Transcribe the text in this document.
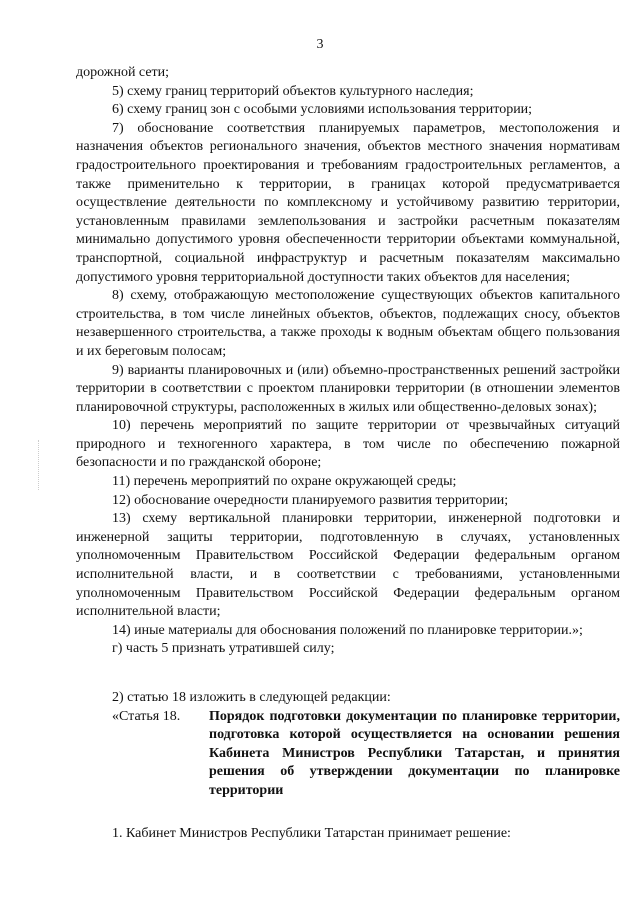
3

дорожной сети;

5) схему границ территорий объектов культурного наследия;

6) схему границ зон с особыми условиями использования территории;

7) обоснование соответствия планируемых параметров, местоположения и назначения объектов регионального значения, объектов местного значения нормативам градостроительного проектирования и требованиям градостроительных регламентов, а также применительно к территории, в границах которой предусматривается осуществление деятельности по комплексному и устойчивому развитию территории, установленным правилами землепользования и застройки расчетным показателям минимально допустимого уровня обеспеченности территории объектами коммунальной, транспортной, социальной инфраструктур и расчетным показателям максимально допустимого уровня территориальной доступности таких объектов для населения;

8) схему, отображающую местоположение существующих объектов капитального строительства, в том числе линейных объектов, объектов, подлежащих сносу, объектов незавершенного строительства, а также проходы к водным объектам общего пользования и их береговым полосам;

9) варианты планировочных и (или) объемно-пространственных решений застройки территории в соответствии с проектом планировки территории (в отношении элементов планировочной структуры, расположенных в жилых или общественно-деловых зонах);

10) перечень мероприятий по защите территории от чрезвычайных ситуаций природного и техногенного характера, в том числе по обеспечению пожарной безопасности и по гражданской обороне;

11) перечень мероприятий по охране окружающей среды;

12) обоснование очередности планируемого развития территории;

13) схему вертикальной планировки территории, инженерной подготовки и инженерной защиты территории, подготовленную в случаях, установленных уполномоченным Правительством Российской Федерации федеральным органом исполнительной власти, и в соответствии с требованиями, установленными уполномоченным Правительством Российской Федерации федеральным органом исполнительной власти;

14) иные материалы для обоснования положений по планировке территории.»;

г) часть 5 признать утратившей силу;

2) статью 18 изложить в следующей редакции:

«Статья 18.	Порядок подготовки документации по планировке территории, подготовка которой осуществляется на основании решения Кабинета Министров Республики Татарстан, и принятия решения об утверждении документации по планировке территории

1. Кабинет Министров Республики Татарстан принимает решение:
